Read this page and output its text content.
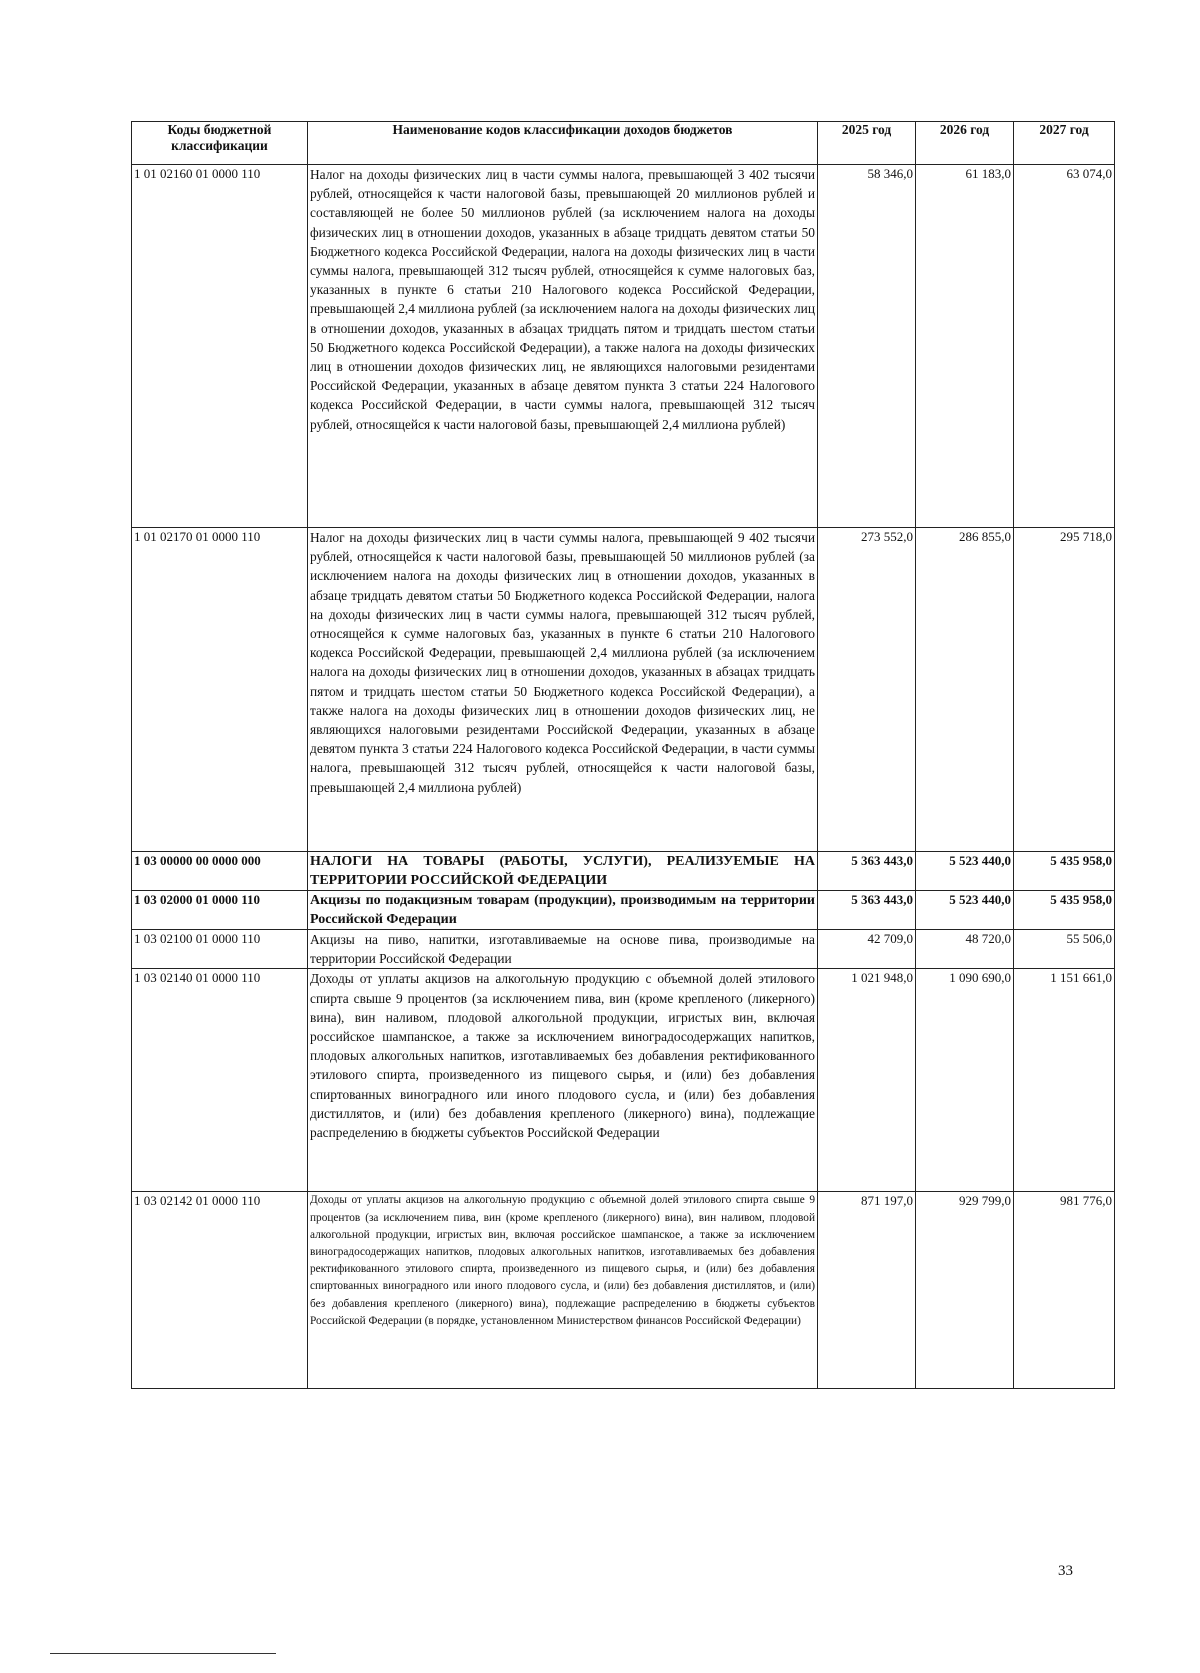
Коды бюджетной классификации	Наименование кодов классификации доходов бюджетов	2025 год	2026 год	2027 год
1 01 02160 01 0000 110	Налог на доходы физических лиц в части суммы налога, превышающей 3 402 тысячи рублей, относящейся к части налоговой базы, превышающей 20 миллионов рублей и составляющей не более 50 миллионов рублей (за исключением налога на доходы физических лиц в отношении доходов, указанных в абзаце тридцать девятом статьи 50 Бюджетного кодекса Российской Федерации, налога на доходы физических лиц в части суммы налога, превышающей 312 тысяч рублей, относящейся к сумме налоговых баз, указанных в пункте 6 статьи 210 Налогового кодекса Российской Федерации, превышающей 2,4 миллиона рублей (за исключением налога на доходы физических лиц в отношении доходов, указанных в абзацах тридцать пятом и тридцать шестом статьи 50 Бюджетного кодекса Российской Федерации), а также налога на доходы физических лиц в отношении доходов физических лиц, не являющихся налоговыми резидентами Российской Федерации, указанных в абзаце девятом пункта 3 статьи 224 Налогового кодекса Российской Федерации, в части суммы налога, превышающей 312 тысяч рублей, относящейся к части налоговой базы, превышающей 2,4 миллиона рублей)	58 346,0	61 183,0	63 074,0
1 01 02170 01 0000 110	Налог на доходы физических лиц в части суммы налога, превышающей 9 402 тысячи рублей, относящейся к части налоговой базы, превышающей 50 миллионов рублей (за исключением налога на доходы физических лиц в отношении доходов, указанных в абзаце тридцать девятом статьи 50 Бюджетного кодекса Российской Федерации, налога на доходы физических лиц в части суммы налога, превышающей 312 тысяч рублей, относящейся к сумме налоговых баз, указанных в пункте 6 статьи 210 Налогового кодекса Российской Федерации, превышающей 2,4 миллиона рублей (за исключением налога на доходы физических лиц в отношении доходов, указанных в абзацах тридцать пятом и тридцать шестом статьи 50 Бюджетного кодекса Российской Федерации), а также налога на доходы физических лиц в отношении доходов физических лиц, не являющихся налоговыми резидентами Российской Федерации, указанных в абзаце девятом пункта 3 статьи 224 Налогового кодекса Российской Федерации, в части суммы налога, превышающей 312 тысяч рублей, относящейся к части налоговой базы, превышающей 2,4 миллиона рублей)	273 552,0	286 855,0	295 718,0
1 03 00000 00 0000 000	НАЛОГИ НА ТОВАРЫ (РАБОТЫ, УСЛУГИ), РЕАЛИЗУЕМЫЕ НА ТЕРРИТОРИИ РОССИЙСКОЙ ФЕДЕРАЦИИ	5 363 443,0	5 523 440,0	5 435 958,0
1 03 02000 01 0000 110	Акцизы по подакцизным товарам (продукции), производимым на территории Российской Федерации	5 363 443,0	5 523 440,0	5 435 958,0
1 03 02100 01 0000 110	Акцизы на пиво, напитки, изготавливаемые на основе пива, производимые на территории Российской Федерации	42 709,0	48 720,0	55 506,0
1 03 02140 01 0000 110	Доходы от уплаты акцизов на алкогольную продукцию с объемной долей этилового спирта свыше 9 процентов (за исключением пива, вин (кроме крепленого (ликерного) вина), вин наливом, плодовой алкогольной продукции, игристых вин, включая российское шампанское, а также за исключением виноградосодержащих напитков, плодовых алкогольных напитков, изготавливаемых без добавления ректификованного этилового спирта, произведенного из пищевого сырья, и (или) без добавления спиртованных виноградного или иного плодового сусла, и (или) без добавления дистиллятов, и (или) без добавления крепленого (ликерного) вина), подлежащие распределению в бюджеты субъектов Российской Федерации	1 021 948,0	1 090 690,0	1 151 661,0
1 03 02142 01 0000 110	Доходы от уплаты акцизов на алкогольную продукцию с объемной долей этилового спирта свыше 9 процентов (за исключением пива, вин (кроме крепленого (ликерного) вина), вин наливом, плодовой алкогольной продукции, игристых вин, включая российское шампанское, а также за исключением виноградосодержащих напитков, плодовых алкогольных напитков, изготавливаемых без добавления ректификованного этилового спирта, произведенного из пищевого сырья, и (или) без добавления спиртованных виноградного или иного плодового сусла, и (или) без добавления дистиллятов, и (или) без добавления крепленого (ликерного) вина), подлежащие распределению в бюджеты субъектов Российской Федерации (в порядке, установленном Министерством финансов Российской Федерации)	871 197,0	929 799,0	981 776,0
33
